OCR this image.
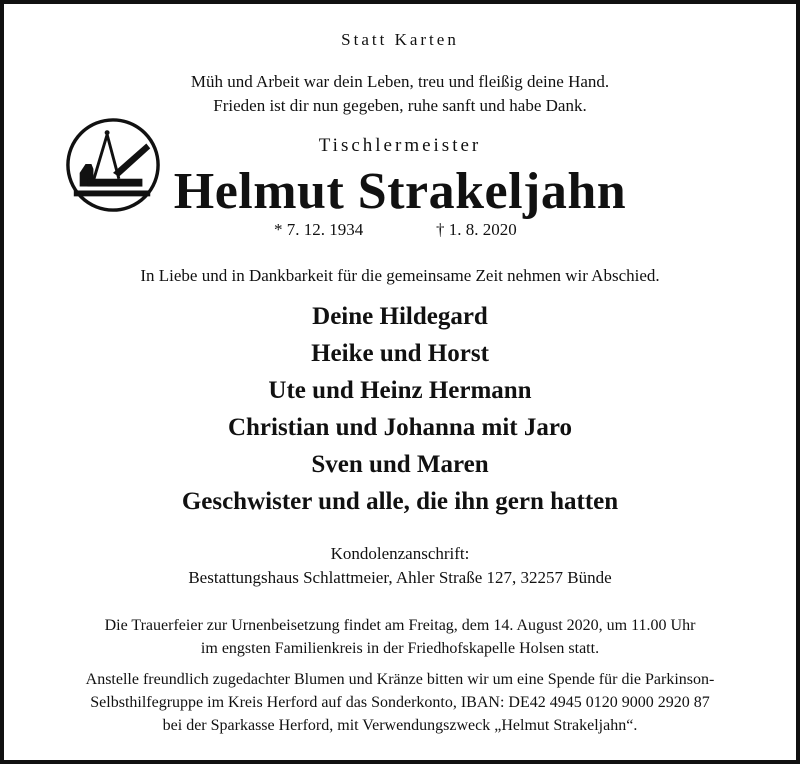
Statt Karten
Müh und Arbeit war dein Leben, treu und fleißig deine Hand.
Frieden ist dir nun gegeben, ruhe sanft und habe Dank.
Tischlermeister
Helmut Strakeljahn
* 7. 12. 1934	† 1. 8. 2020
In Liebe und in Dankbarkeit für die gemeinsame Zeit nehmen wir Abschied.
Deine Hildegard
Heike und Horst
Ute und Heinz Hermann
Christian und Johanna mit Jaro
Sven und Maren
Geschwister und alle, die ihn gern hatten
Kondolenzanschrift:
Bestattungshaus Schlattmeier, Ahler Straße 127, 32257 Bünde
Die Trauerfeier zur Urnenbeisetzung findet am Freitag, dem 14. August 2020, um 11.00 Uhr
im engsten Familienkreis in der Friedhofskapelle Holsen statt.
Anstelle freundlich zugedachter Blumen und Kränze bitten wir um eine Spende für die Parkinson-
Selbsthilfegruppe im Kreis Herford auf das Sonderkonto, IBAN: DE42 4945 0120 9000 2920 87
bei der Sparkasse Herford, mit Verwendungszweck „Helmut Strakeljahn“.
